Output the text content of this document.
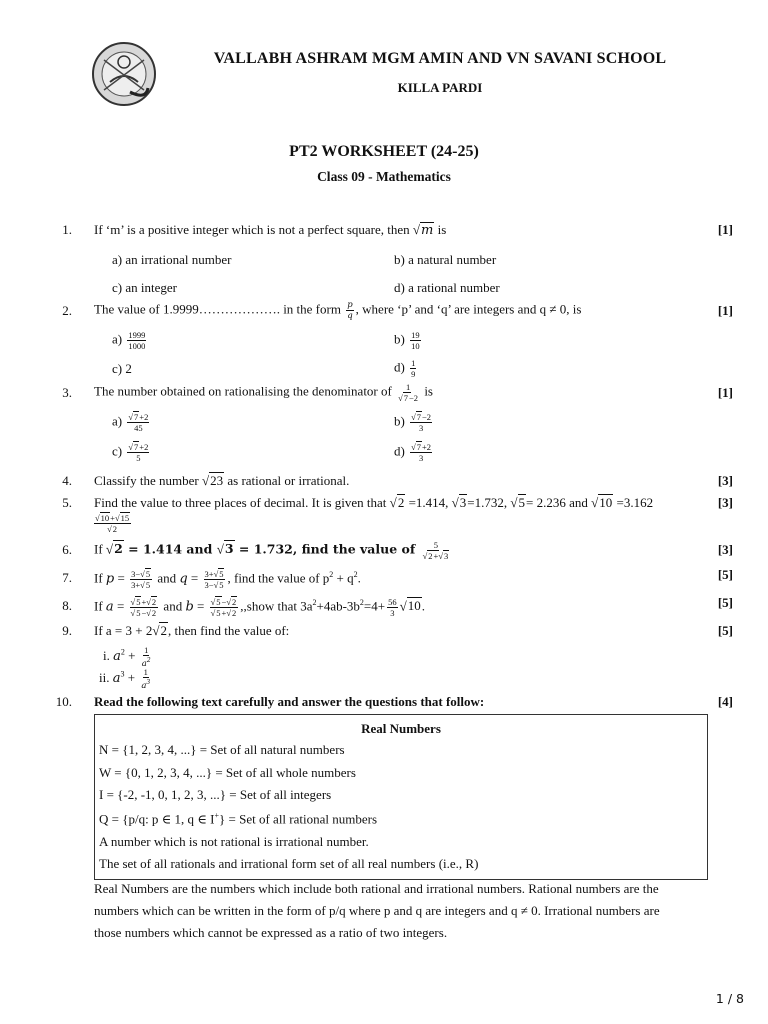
VALLABH ASHRAM MGM AMIN AND VN SAVANI SCHOOL
KILLA PARDI
PT2 WORKSHEET (24-25)
Class 09 - Mathematics
1. If ‘m’ is a positive integer which is not a perfect square, then √m is	[1]
a) an irrational number	b) a natural number
c) an integer	d) a rational number
2. The value of 1.9999………………. in the form $\frac{p}{q}$ , where ‘p’ and ‘q’ are integers and q ≠ 0, is	[1]
$a) \frac{1999}{1000}$	$b) \frac{19}{10}$
c) 2	$d) \frac{1}{9}$
3. The number obtained on rationalising the denominator of $\frac{1}{√7-2}$ is	[1]
$a) \frac{√7+2}{45}$	$b) \frac{√7-2}{3}$
$c) \frac{√7+2}{5}$	$d) \frac{√7+2}{3}$
4. Classify the number √23 as rational or irrational.	[3]
5. Find the value to three places of decimal. It is given that √2 =1.414, √3=1.732, √5= 2.236 and √10 =3.162	[3]
$\frac{√10+√15}{√2}$
6. If √2 = 1.414 and √3 = 1.732, find the value of $\frac{5}{√2+√3}$	[3]
7. If $p = \frac{3-√5}{3+√5}$ and $q = \frac{3+√5}{3-√5}$ , find the value of $p^2 + q^2$.	[5]
8. If $a = \frac{√5+√2}{√5-√2}$ and $b = \frac{√5-√2}{√5+√2}$ ,,show that $3a^2+4ab-3b^2=4+ \frac{56}{3} √10$.	[5]
9. If a = 3 + 2√2, then find the value of:	[5]
i. $a^2 + \frac{1}{a^2}$
ii. $a^3 + \frac{1}{a^3}$
10. Read the following text carefully and answer the questions that follow:	[4]
Real Numbers
N = {1, 2, 3, 4, ...} = Set of all natural numbers
W = {0, 1, 2, 3, 4, ...} = Set of all whole numbers
I = {-2, -1, 0, 1, 2, 3, ...} = Set of all integers
Q = {p/q: p ∈ 1, q ∈ I+} = Set of all rational numbers
A number which is not rational is irrational number.
The set of all rationals and irrational form set of all real numbers (i.e., R)
Real Numbers are the numbers which include both rational and irrational numbers. Rational numbers are the
numbers which can be written in the form of p/q where p and q are integers and q ≠ 0. Irrational numbers are
those numbers which cannot be expressed as a ratio of two integers.
1 / 8
